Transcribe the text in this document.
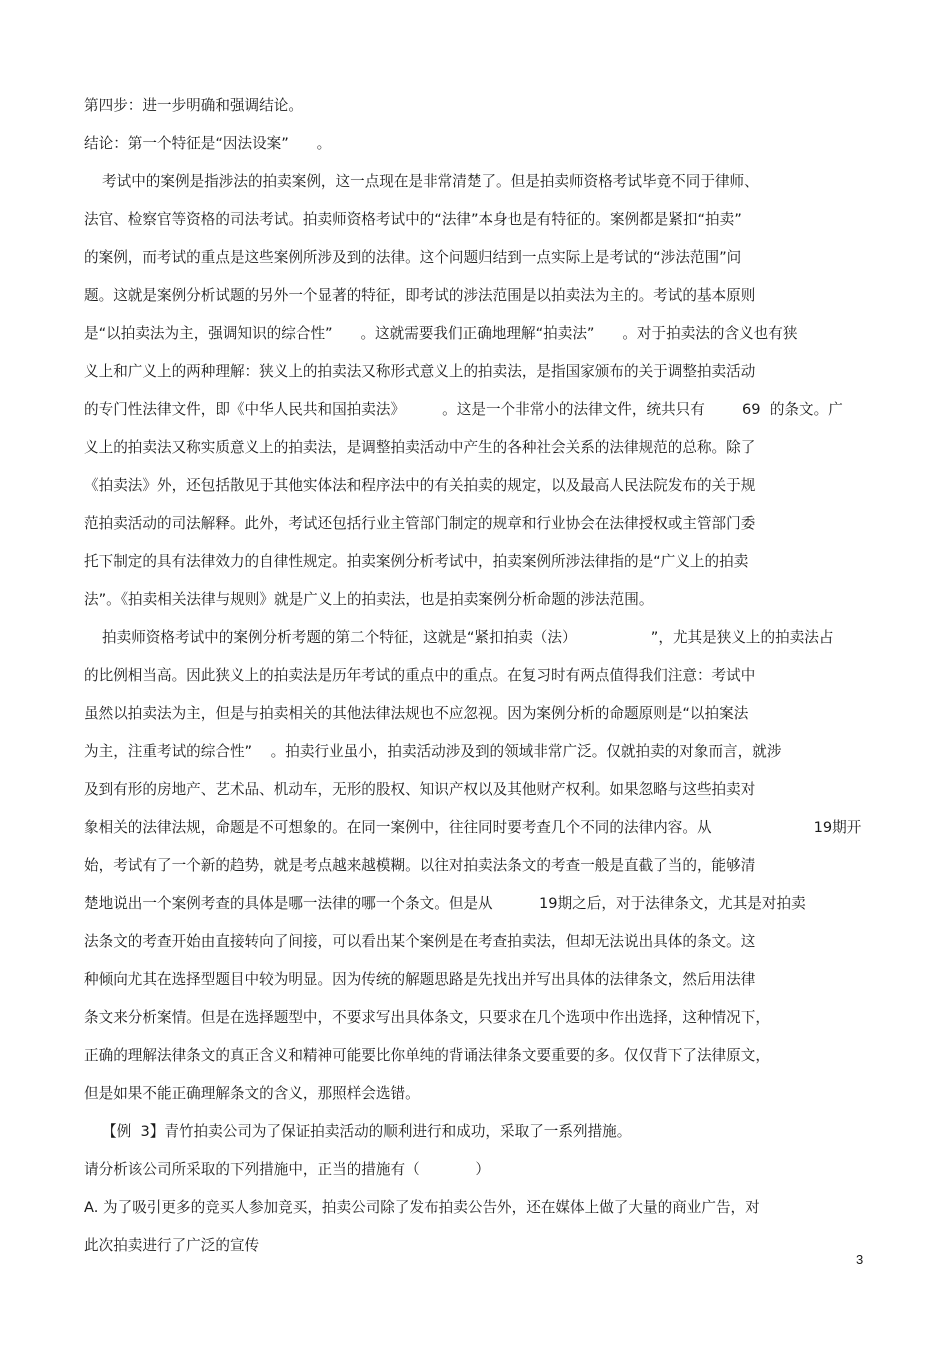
第四步：进一步明确和强调结论。
结论：第一个特征是“因法设案”      。
考试中的案例是指涉法的拍卖案例，这一点现在是非常清楚了。但是拍卖师资格考试毕竟不同于律师、
法官、检察官等资格的司法考试。拍卖师资格考试中的“法律”本身也是有特征的。案例都是紧扣“拍卖”
的案例，而考试的重点是这些案例所涉及到的法律。这个问题归结到一点实际上是考试的“涉法范围”问
题。这就是案例分析试题的另外一个显著的特征，即考试的涉法范围是以拍卖法为主的。考试的基本原则
是“以拍卖法为主，强调知识的综合性”      。这就需要我们正确地理解“拍卖法”      。对于拍卖法的含义也有狭
义上和广义上的两种理解：狭义上的拍卖法又称形式意义上的拍卖法，是指国家颁布的关于调整拍卖活动
的专门性法律文件，即《中华人民共和国拍卖法》        。这是一个非常小的法律文件，统共只有        69  的条文。广
义上的拍卖法又称实质意义上的拍卖法，是调整拍卖活动中产生的各种社会关系的法律规范的总称。除了
《拍卖法》外，还包括散见于其他实体法和程序法中的有关拍卖的规定，以及最高人民法院发布的关于规
范拍卖活动的司法解释。此外，考试还包括行业主管部门制定的规章和行业协会在法律授权或主管部门委
托下制定的具有法律效力的自律性规定。拍卖案例分析考试中，拍卖案例所涉法律指的是“广义上的拍卖
法”。《拍卖相关法律与规则》就是广义上的拍卖法，也是拍卖案例分析命题的涉法范围。
拍卖师资格考试中的案例分析考题的第二个特征，这就是“紧扣拍卖（法）                ”，尤其是狭义上的拍卖法占
的比例相当高。因此狭义上的拍卖法是历年考试的重点中的重点。在复习时有两点值得我们注意：考试中
虽然以拍卖法为主，但是与拍卖相关的其他法律法规也不应忽视。因为案例分析的命题原则是“以拍案法
为主，注重考试的综合性”    。拍卖行业虽小，拍卖活动涉及到的领域非常广泛。仅就拍卖的对象而言，就涉
及到有形的房地产、艺术品、机动车，无形的股权、知识产权以及其他财产权利。如果忽略与这些拍卖对
象相关的法律法规，命题是不可想象的。在同一案例中，往往同时要考查几个不同的法律内容。从                      19期开
始，考试有了一个新的趋势，就是考点越来越模糊。以往对拍卖法条文的考查一般是直截了当的，能够清
楚地说出一个案例考查的具体是哪一法律的哪一个条文。但是从          19期之后，对于法律条文，尤其是对拍卖
法条文的考查开始由直接转向了间接，可以看出某个案例是在考查拍卖法，但却无法说出具体的条文。这
种倾向尤其在选择型题目中较为明显。因为传统的解题思路是先找出并写出具体的法律条文，然后用法律
条文来分析案情。但是在选择题型中，不要求写出具体条文，只要求在几个选项中作出选择，这种情况下，
正确的理解法律条文的真正含义和精神可能要比你单纯的背诵法律条文要重要的多。仅仅背下了法律原文，
但是如果不能正确理解条文的含义，那照样会选错。
【例  3】青竹拍卖公司为了保证拍卖活动的顺利进行和成功，采取了一系列措施。
请分析该公司所采取的下列措施中，正当的措施有（            ）
A. 为了吸引更多的竞买人参加竞买，拍卖公司除了发布拍卖公告外，还在媒体上做了大量的商业广告，对
此次拍卖进行了广泛的宣传
3
